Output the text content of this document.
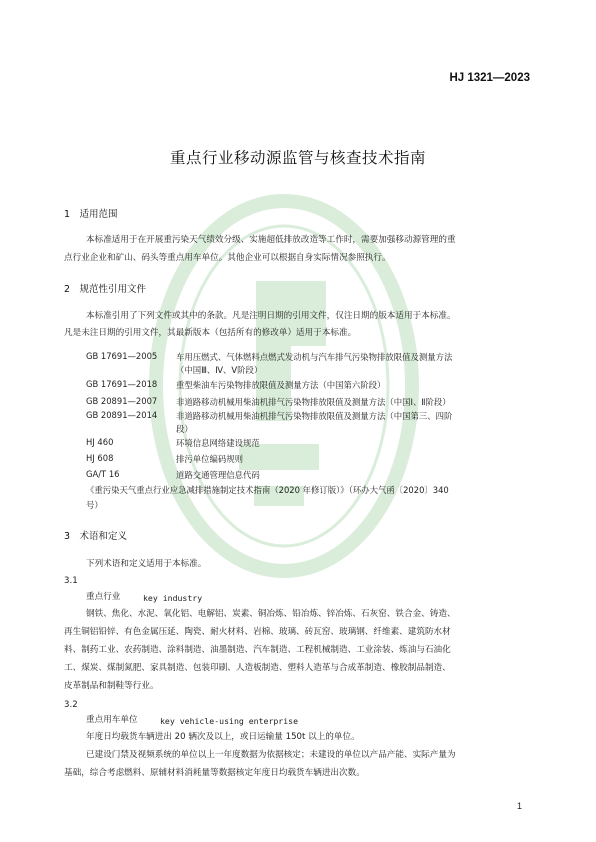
HJ 1321—2023
重点行业移动源监管与核查技术指南
1　适用范围
本标准适用于在开展重污染天气绩效分级、实施超低排放改造等工作时，需要加强移动源管理的重
点行业企业和矿山、码头等重点用车单位。其他企业可以根据自身实际情况参照执行。
2　规范性引用文件
本标准引用了下列文件或其中的条款。凡是注明日期的引用文件，仅注日期的版本适用于本标准。
凡是未注日期的引用文件，其最新版本（包括所有的修改单）适用于本标准。
GB 17691—2005 车用压燃式、气体燃料点燃式发动机与汽车排气污染物排放限值及测量方法
（中国Ⅲ、Ⅳ、Ⅴ阶段）
GB 17691—2018 重型柴油车污染物排放限值及测量方法（中国第六阶段）
GB 20891—2007 非道路移动机械用柴油机排气污染物排放限值及测量方法（中国Ⅰ、Ⅱ阶段）
GB 20891—2014 非道路移动机械用柴油机排气污染物排放限值及测量方法（中国第三、四阶
段）
HJ 460	环境信息网络建设规范
HJ 608	排污单位编码规则
GA/T 16	道路交通管理信息代码
《重污染天气重点行业应急减排措施制定技术指南（2020 年修订版）》（环办大气函〔2020〕340
号）
3　术语和定义
下列术语和定义适用于本标准。
3.1
重点行业	key industry
钢铁、焦化、水泥、氧化铝、电解铝、炭素、铜冶炼、铅冶炼、锌冶炼、石灰窑、铁合金、铸造、
再生铜铝铅锌、有色金属压延、陶瓷、耐火材料、岩棉、玻璃、砖瓦窑、玻璃钢、纤维素、建筑防水材
料、制药工业、农药制造、涂料制造、油墨制造、汽车制造、工程机械制造、工业涂装、炼油与石油化
工、煤炭、煤制氮肥、家具制造、包装印刷、人造板制造、塑料人造革与合成革制造、橡胶制品制造、
皮革制品和制鞋等行业。
3.2
重点用车单位	key vehicle-using enterprise
年度日均载货车辆进出 20 辆次及以上，或日运输量 150t 以上的单位。
已建设门禁及视频系统的单位以上一年度数据为依据核定；未建设的单位以产品产能、实际产量为
基础，综合考虑燃料、原辅材料消耗量等数据核定年度日均载货车辆进出次数。
1
